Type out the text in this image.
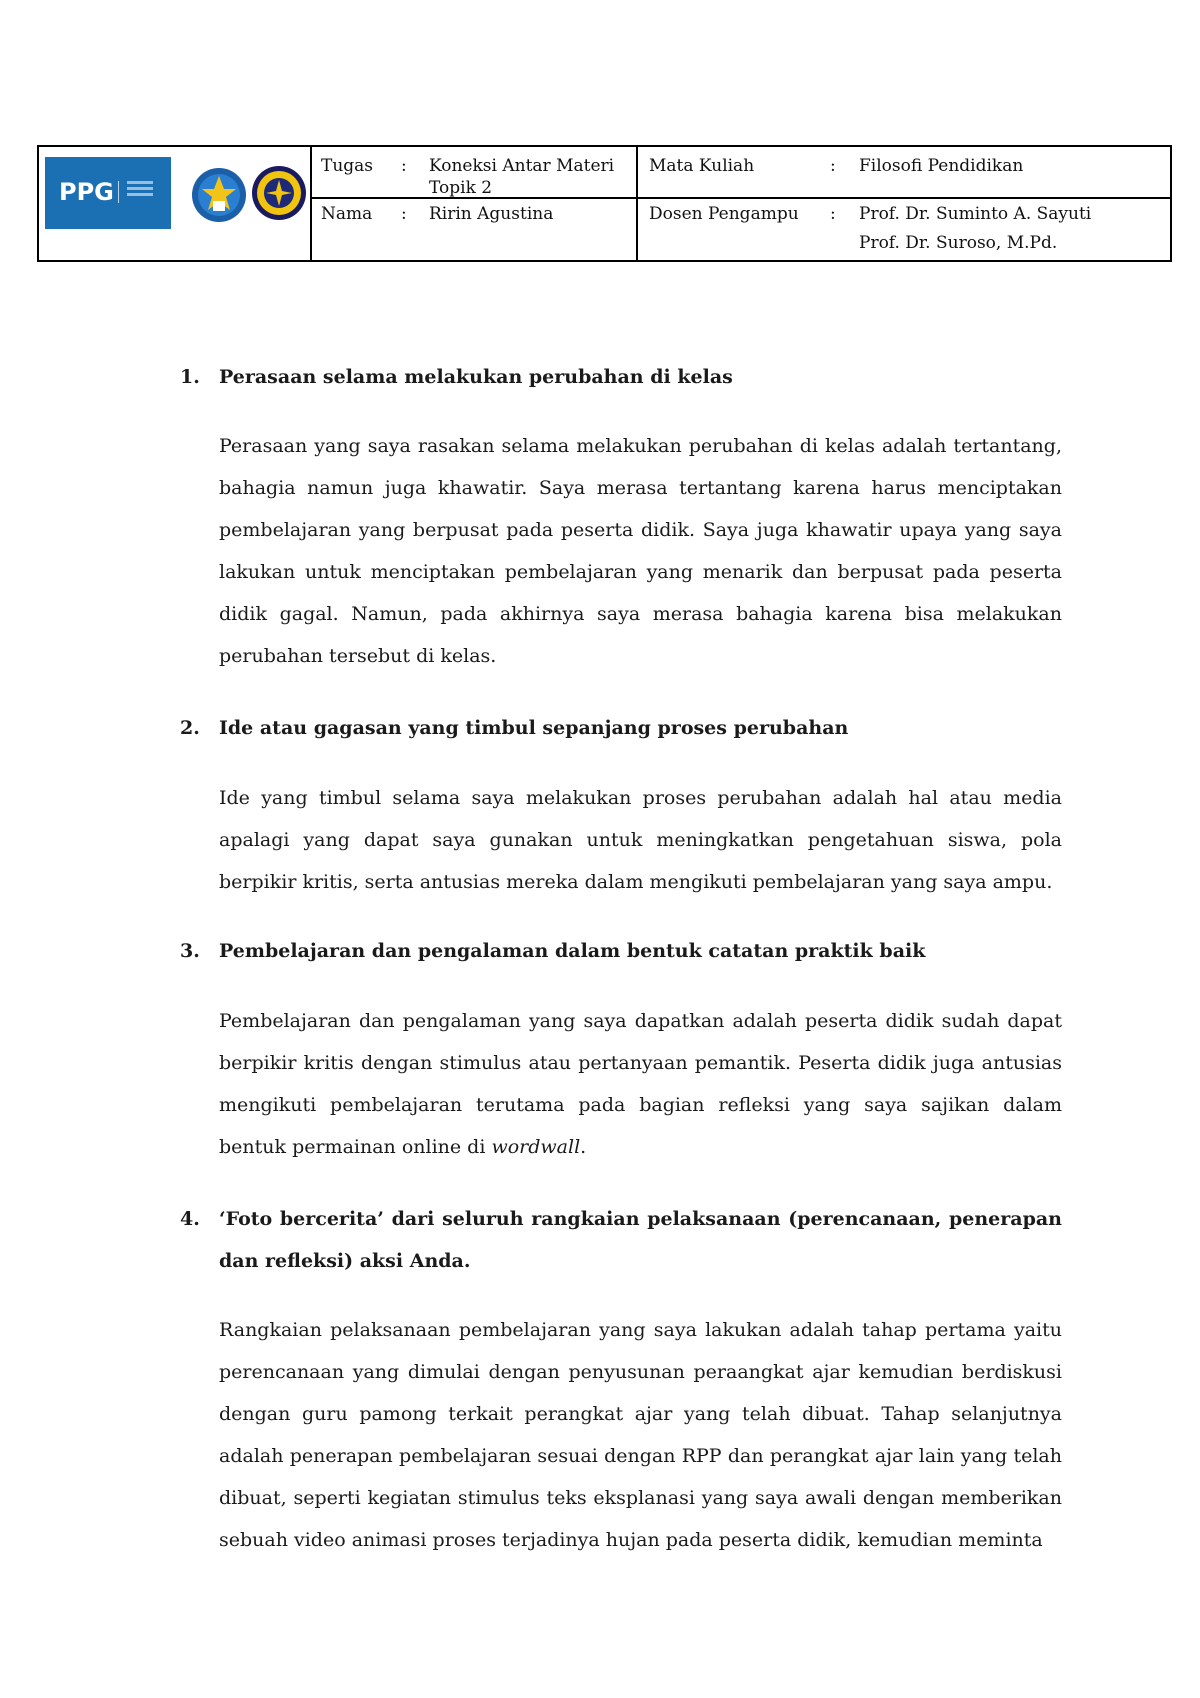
PPG
Tugas : Koneksi Antar Materi Topik 2
Nama : Ririn Agustina
Mata Kuliah	: Filosofi Pendidikan
Dosen Pengampu : Prof. Dr. Suminto A. Sayuti
Prof. Dr. Suroso, M.Pd.
1. Perasaan selama melakukan perubahan di kelas
Perasaan yang saya rasakan selama melakukan perubahan di kelas adalah tertantang, bahagia namun juga khawatir. Saya merasa tertantang karena harus menciptakan pembelajaran yang berpusat pada peserta didik. Saya juga khawatir upaya yang saya lakukan untuk menciptakan pembelajaran yang menarik dan berpusat pada peserta didik gagal. Namun, pada akhirnya saya merasa bahagia karena bisa melakukan perubahan tersebut di kelas.
2. Ide atau gagasan yang timbul sepanjang proses perubahan
Ide yang timbul selama saya melakukan proses perubahan adalah hal atau media apalagi yang dapat saya gunakan untuk meningkatkan pengetahuan siswa, pola berpikir kritis, serta antusias mereka dalam mengikuti pembelajaran yang saya ampu.
3. Pembelajaran dan pengalaman dalam bentuk catatan praktik baik
Pembelajaran dan pengalaman yang saya dapatkan adalah peserta didik sudah dapat berpikir kritis dengan stimulus atau pertanyaan pemantik. Peserta didik juga antusias mengikuti pembelajaran terutama pada bagian refleksi yang saya sajikan dalam bentuk permainan online di wordwall.
4. ‘Foto bercerita’ dari seluruh rangkaian pelaksanaan (perencanaan, penerapan dan refleksi) aksi Anda.
Rangkaian pelaksanaan pembelajaran yang saya lakukan adalah tahap pertama yaitu perencanaan yang dimulai dengan penyusunan peraangkat ajar kemudian berdiskusi dengan guru pamong terkait perangkat ajar yang telah dibuat. Tahap selanjutnya adalah penerapan pembelajaran sesuai dengan RPP dan perangkat ajar lain yang telah dibuat, seperti kegiatan stimulus teks eksplanasi yang saya awali dengan memberikan sebuah video animasi proses terjadinya hujan pada peserta didik, kemudian meminta
